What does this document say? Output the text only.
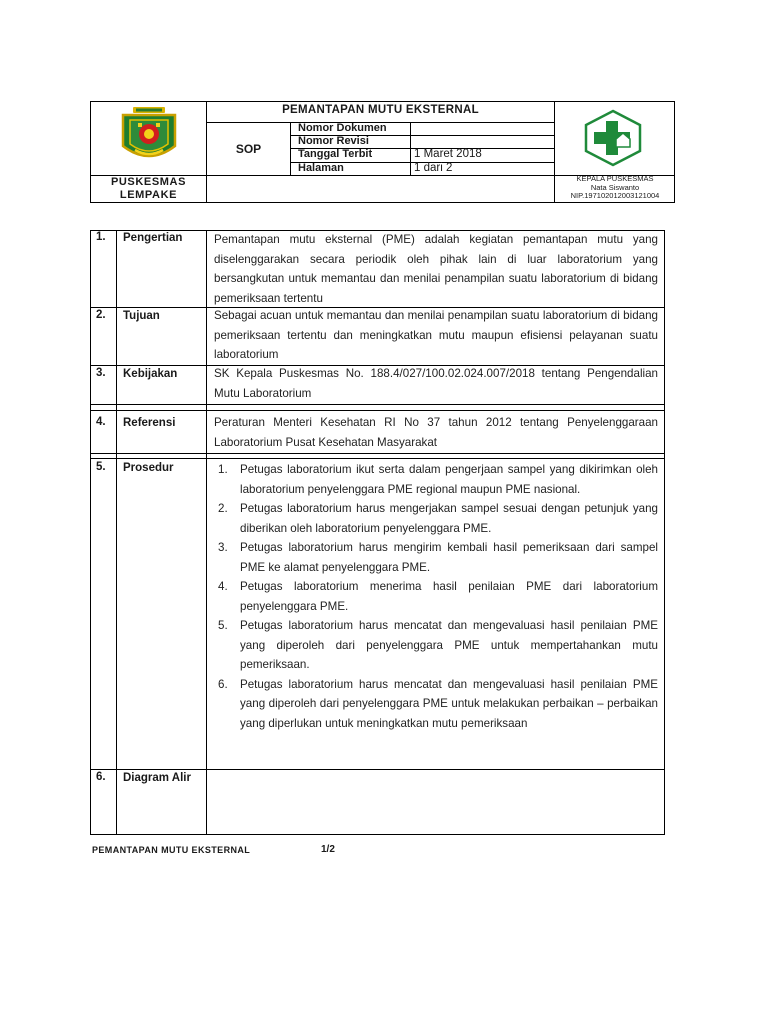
PEMANTAPAN MUTU EKSTERNAL
SOP
Nomor Dokumen
Nomor Revisi
Tanggal Terbit	1 Maret 2018
Halaman	1 dari 2
PUSKESMAS
LEMPAKE
KEPALA PUSKESMAS
Nata Siswanto
NIP.197102012003121004
1. Pengertian	Pemantapan mutu eksternal (PME) adalah kegiatan pemantapan mutu yang diselenggarakan secara periodik oleh pihak lain di luar laboratorium yang bersangkutan untuk memantau dan menilai penampilan suatu laboratorium di bidang pemeriksaan tertentu
2. Tujuan	Sebagai acuan untuk memantau dan menilai penampilan suatu laboratorium di bidang pemeriksaan tertentu dan meningkatkan mutu maupun efisiensi pelayanan suatu laboratorium
3. Kebijakan	SK Kepala Puskesmas No. 188.4/027/100.02.024.007/2018 tentang Pengendalian Mutu Laboratorium
4. Referensi	Peraturan Menteri Kesehatan RI No 37 tahun 2012 tentang Penyelenggaraan Laboratorium Pusat Kesehatan Masyarakat
5. Prosedur	1. Petugas laboratorium ikut serta dalam pengerjaan sampel yang dikirimkan oleh laboratorium penyelenggara PME regional maupun PME nasional.
2. Petugas laboratorium harus mengerjakan sampel sesuai dengan petunjuk yang diberikan oleh laboratorium penyelenggara PME.
3. Petugas laboratorium harus mengirim kembali hasil pemeriksaan dari sampel PME ke alamat penyelenggara PME.
4. Petugas laboratorium menerima hasil penilaian PME dari laboratorium penyelenggara PME.
5. Petugas laboratorium harus mencatat dan mengevaluasi hasil penilaian PME yang diperoleh dari penyelenggara PME untuk mempertahankan mutu pemeriksaan.
6. Petugas laboratorium harus mencatat dan mengevaluasi hasil penilaian PME yang diperoleh dari penyelenggara PME untuk melakukan perbaikan – perbaikan yang diperlukan untuk meningkatkan mutu pemeriksaan
6. Diagram Alir
PEMANTAPAN MUTU EKSTERNAL	1/2
